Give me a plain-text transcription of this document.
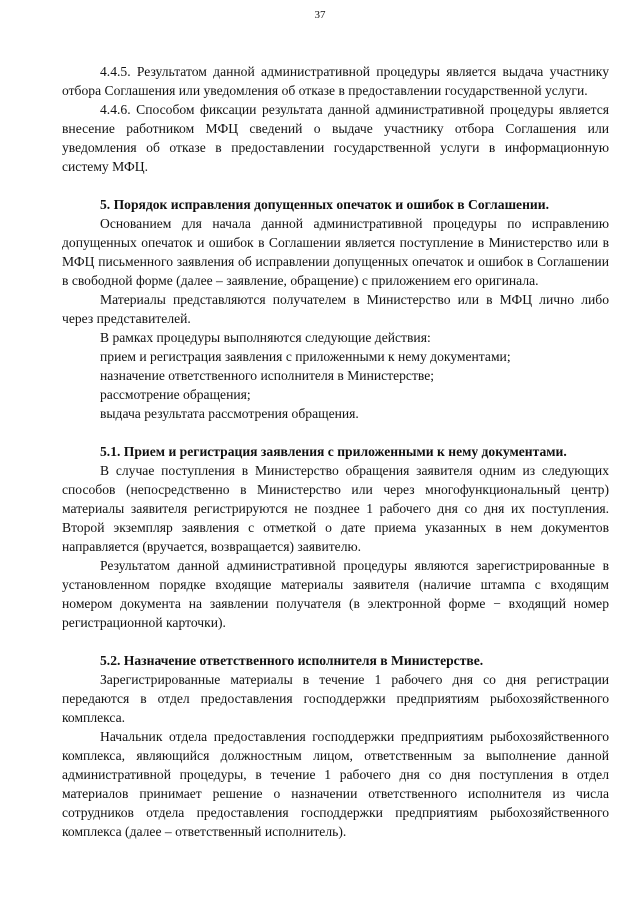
37

4.4.5. Результатом данной административной процедуры является выдача участнику отбора Соглашения или уведомления об отказе в предоставлении государственной услуги.

4.4.6. Способом фиксации результата данной административной процедуры является внесение работником МФЦ сведений о выдаче участнику отбора Соглашения или уведомления об отказе в предоставлении государственной услуги в информационную систему МФЦ.

5. Порядок исправления допущенных опечаток и ошибок в Соглашении.

Основанием для начала данной административной процедуры по исправлению допущенных опечаток и ошибок в Соглашении является поступление в Министерство или в МФЦ письменного заявления об исправлении допущенных опечаток и ошибок в Соглашении в свободной форме (далее – заявление, обращение) с приложением его оригинала.

Материалы представляются получателем в Министерство или в МФЦ лично либо через представителей.

В рамках процедуры выполняются следующие действия:

прием и регистрация заявления с приложенными к нему документами;

назначение ответственного исполнителя в Министерстве;

рассмотрение обращения;

выдача результата рассмотрения обращения.

5.1. Прием и регистрация заявления с приложенными к нему документами.

В случае поступления в Министерство обращения заявителя одним из следующих способов (непосредственно в Министерство или через многофункциональный центр) материалы заявителя регистрируются не позднее 1 рабочего дня со дня их поступления. Второй экземпляр заявления с отметкой о дате приема указанных в нем документов направляется (вручается, возвращается) заявителю.

Результатом данной административной процедуры являются зарегистрированные в установленном порядке входящие материалы заявителя (наличие штампа с входящим номером документа на заявлении получателя (в электронной форме − входящий номер регистрационной карточки).

5.2. Назначение ответственного исполнителя в Министерстве.

Зарегистрированные материалы в течение 1 рабочего дня со дня регистрации передаются в отдел предоставления господдержки предприятиям рыбохозяйственного комплекса.

Начальник отдела предоставления господдержки предприятиям рыбохозяйственного комплекса, являющийся должностным лицом, ответственным за выполнение данной административной процедуры, в течение 1 рабочего дня со дня поступления в отдел материалов принимает решение о назначении ответственного исполнителя из числа сотрудников отдела предоставления господдержки предприятиям рыбохозяйственного комплекса (далее – ответственный исполнитель).
